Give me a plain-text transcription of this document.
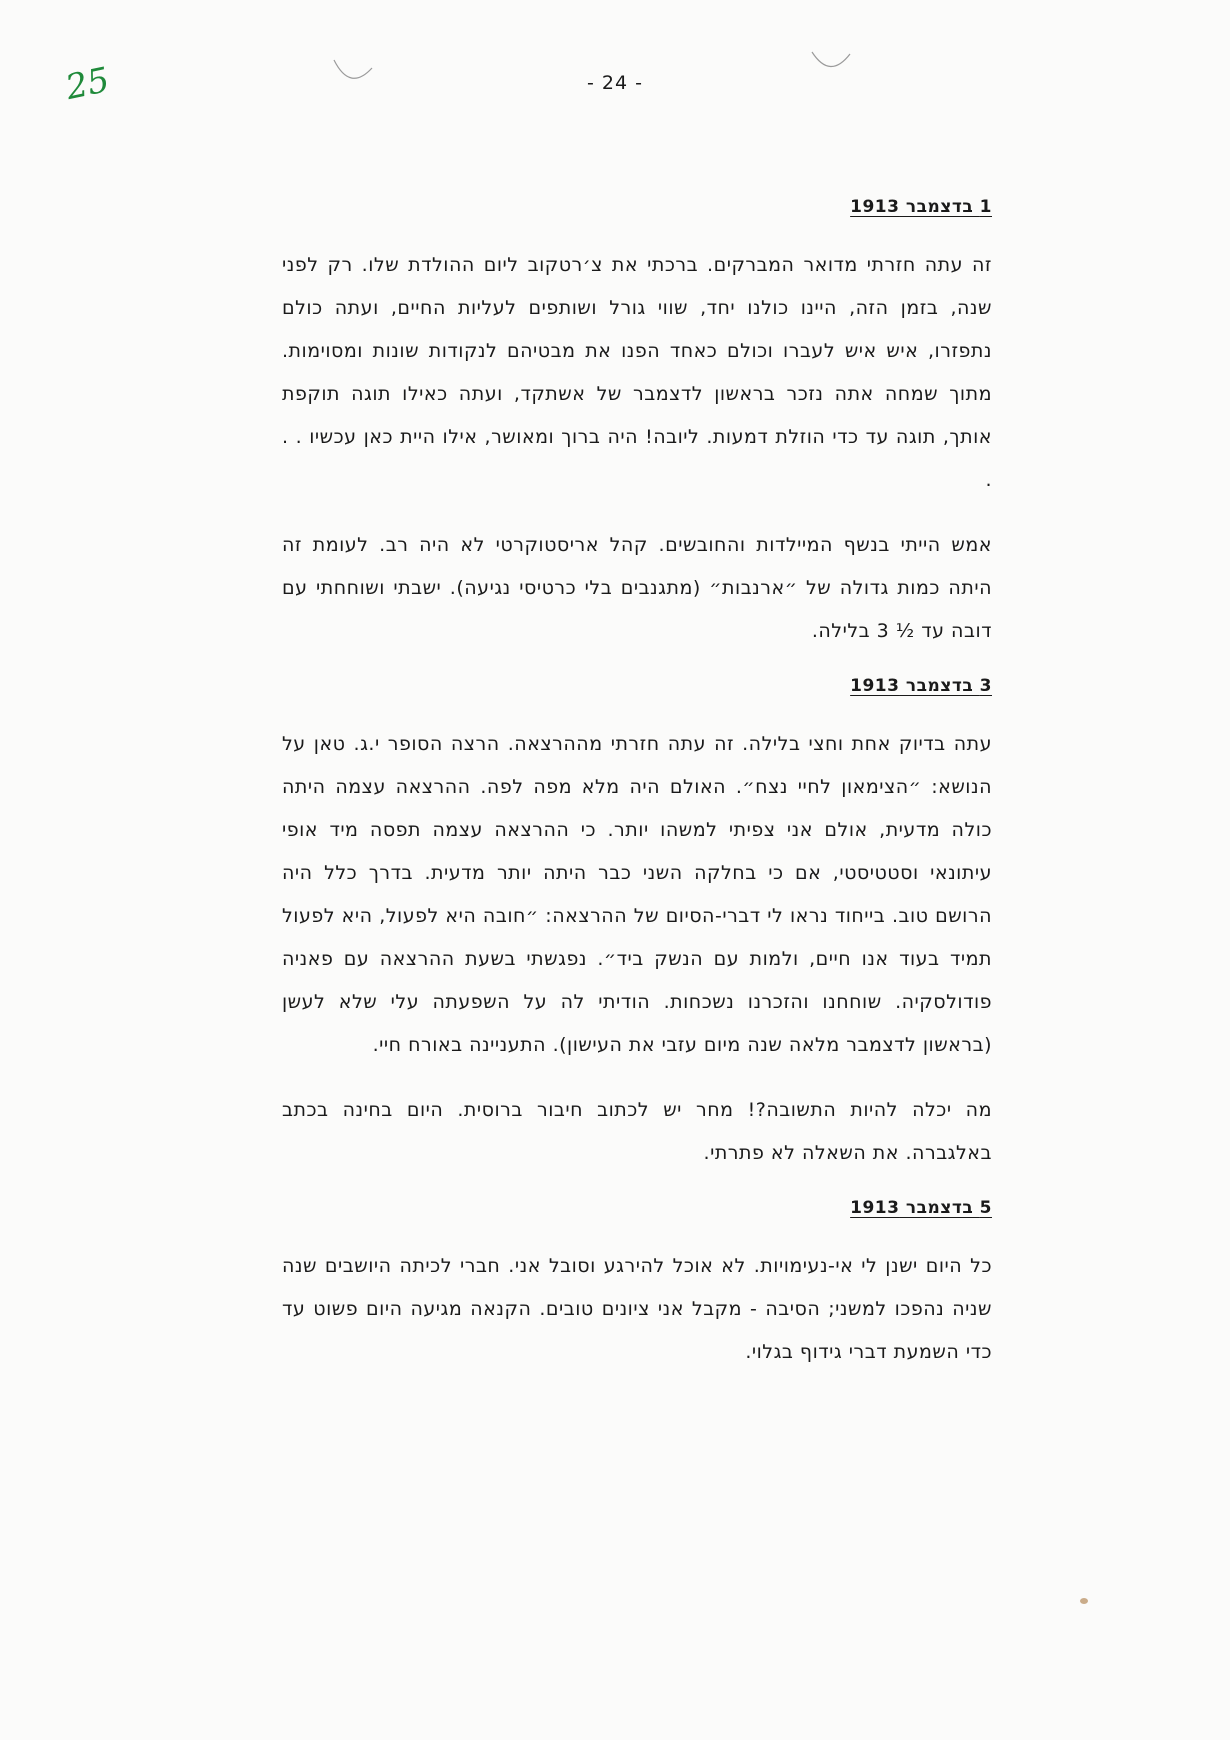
25	- 24 -
1 בדצמבר 1913

זה עתה חזרתי מדואר המברקים. ברכתי את צ׳רטקוב ליום ההולדת שלו. רק לפני שנה, בזמן הזה, היינו כולנו יחד, שווי גורל ושותפים לעליות החיים, ועתה כולם נתפזרו, איש איש לעברו וכולם כאחד הפנו את מבטיהם לנקודות שונות ומסוימות. מתוך שמחה אתה נזכר בראשון לדצמבר של אשתקד, ועתה כאילו תוגה תוקפת אותך, תוגה עד כדי הוזלת דמעות. ליובה! היה ברוך ומאושר, אילו היית כאן עכשיו . . .

אמש הייתי בנשף המיילדות והחובשים. קהל אריסטוקרטי לא היה רב. לעומת זה היתה כמות גדולה של ״ארנבות״ (מתגנבים בלי כרטיסי נגיעה). ישבתי ושוחחתי עם דובה עד ½ 3 בלילה.

3 בדצמבר 1913

עתה בדיוק אחת וחצי בלילה. זה עתה חזרתי מההרצאה. הרצה הסופר י.ג. טאן על הנושא: ״הצימאון לחיי נצח״. האולם היה מלא מפה לפה. ההרצאה עצמה היתה כולה מדעית, אולם אני צפיתי למשהו יותר. כי ההרצאה עצמה תפסה מיד אופי עיתונאי וסטטיסטי, אם כי בחלקה השני כבר היתה יותר מדעית. בדרך כלל היה הרושם טוב. בייחוד נראו לי דברי-הסיום של ההרצאה: ״חובה היא לפעול, היא לפעול תמיד בעוד אנו חיים, ולמות עם הנשק ביד״. נפגשתי בשעת ההרצאה עם פאניה פודולסקיה. שוחחנו והזכרנו נשכחות. הודיתי לה על השפעתה עלי שלא לעשן (בראשון לדצמבר מלאה שנה מיום עזבי את העישון). התעניינה באורח חיי.

מה יכלה להיות התשובה?! מחר יש לכתוב חיבור ברוסית. היום בחינה בכתב באלגברה. את השאלה לא פתרתי.

5 בדצמבר 1913

כל היום ישנן לי אי-נעימויות. לא אוכל להירגע וסובל אני. חברי לכיתה היושבים שנה שניה נהפכו למשני; הסיבה - מקבל אני ציונים טובים. הקנאה מגיעה היום פשוט עד כדי השמעת דברי גידוף בגלוי.
